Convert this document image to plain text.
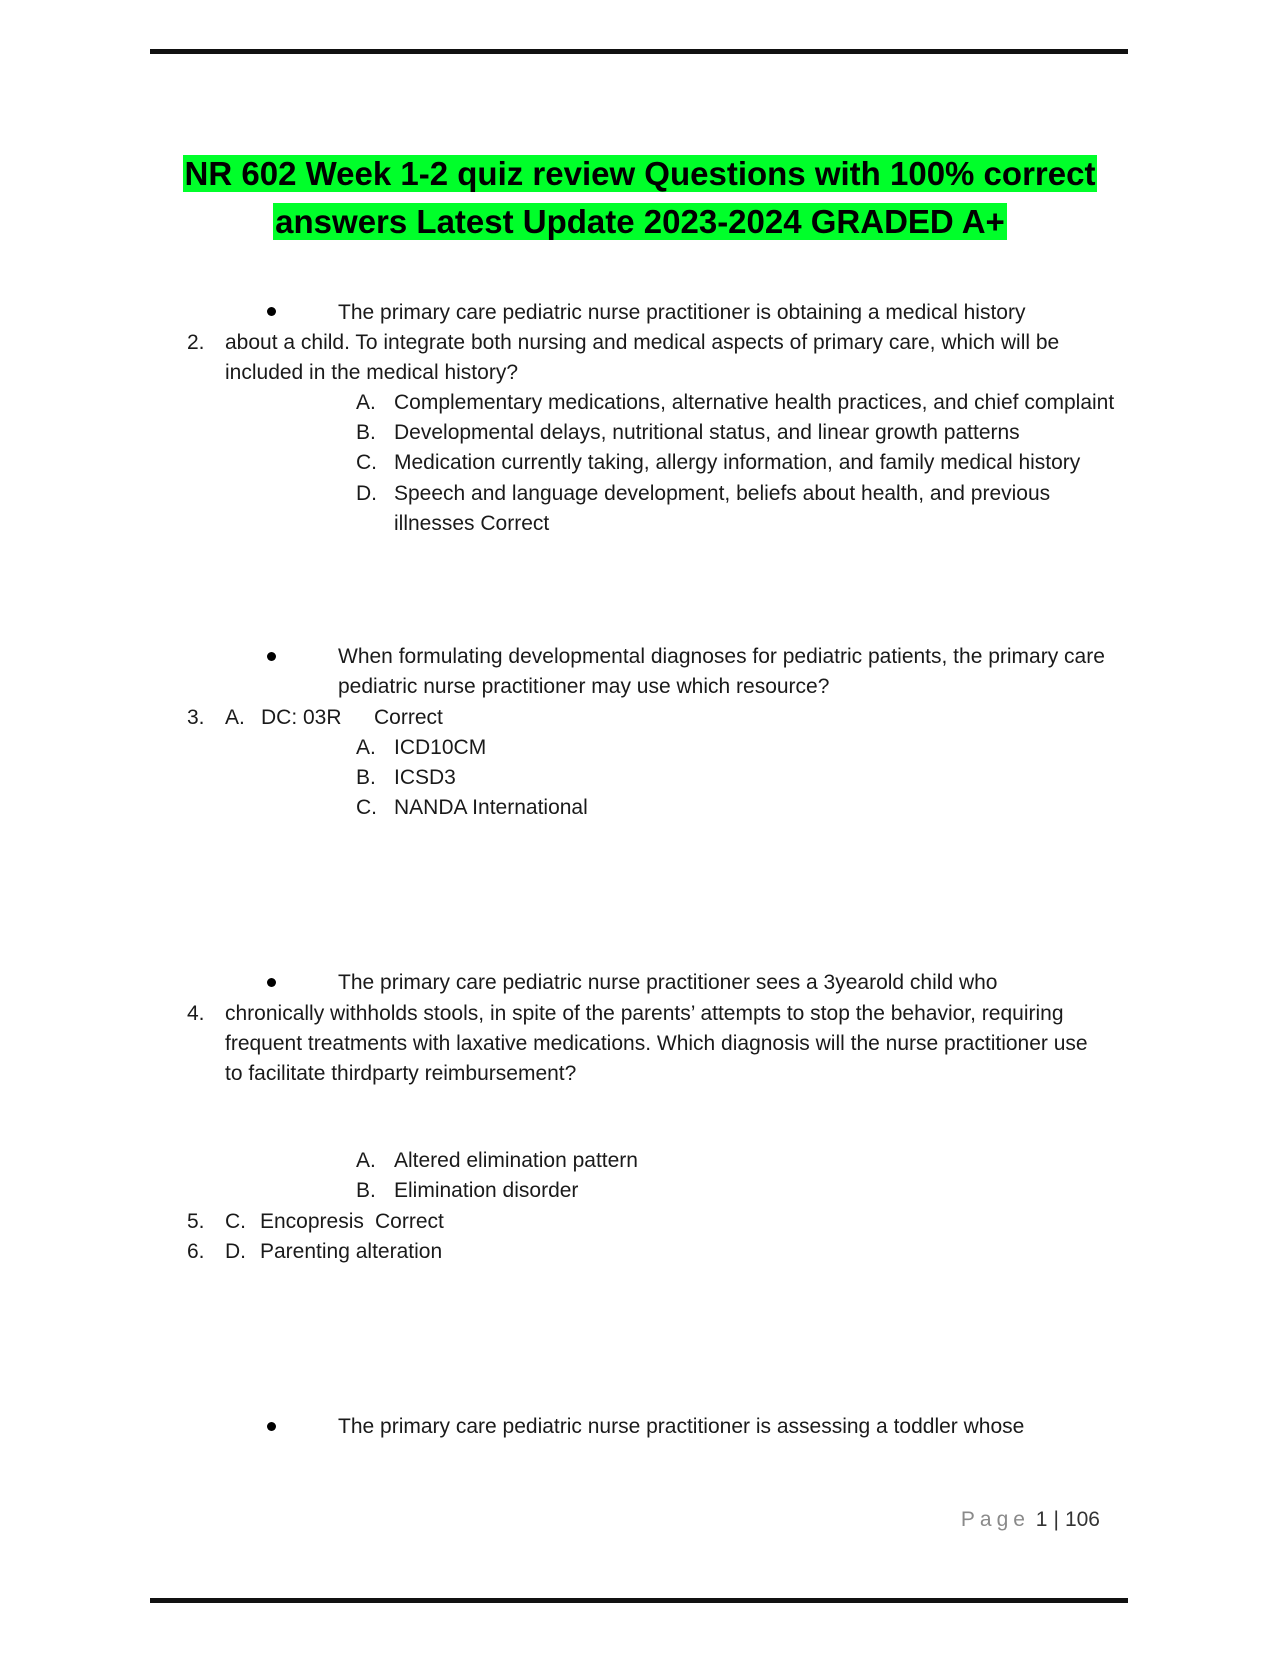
NR 602 Week 1-2 quiz review Questions with 100% correct
answers Latest Update 2023-2024 GRADED A+
The primary care pediatric nurse practitioner is obtaining a medical history
2. about a child. To integrate both nursing and medical aspects of primary care, which will be
included in the medical history?
A. Complementary medications, alternative health practices, and chief complaint
B. Developmental delays, nutritional status, and linear growth patterns
C. Medication currently taking, allergy information, and family medical history
D. Speech and language development, beliefs about health, and previous
illnesses Correct
When formulating developmental diagnoses for pediatric patients, the primary care
pediatric nurse practitioner may use which resource?
3. A. DC: 03R Correct
A. ICD10CM
B. ICSD3
C. NANDA International
The primary care pediatric nurse practitioner sees a 3yearold child who
4. chronically withholds stools, in spite of the parents’ attempts to stop the behavior, requiring
frequent treatments with laxative medications. Which diagnosis will the nurse practitioner use
to facilitate thirdparty reimbursement?
A. Altered elimination pattern
B. Elimination disorder
5. C. Encopresis Correct
6. D. Parenting alteration
The primary care pediatric nurse practitioner is assessing a toddler whose
Page 1 | 106
